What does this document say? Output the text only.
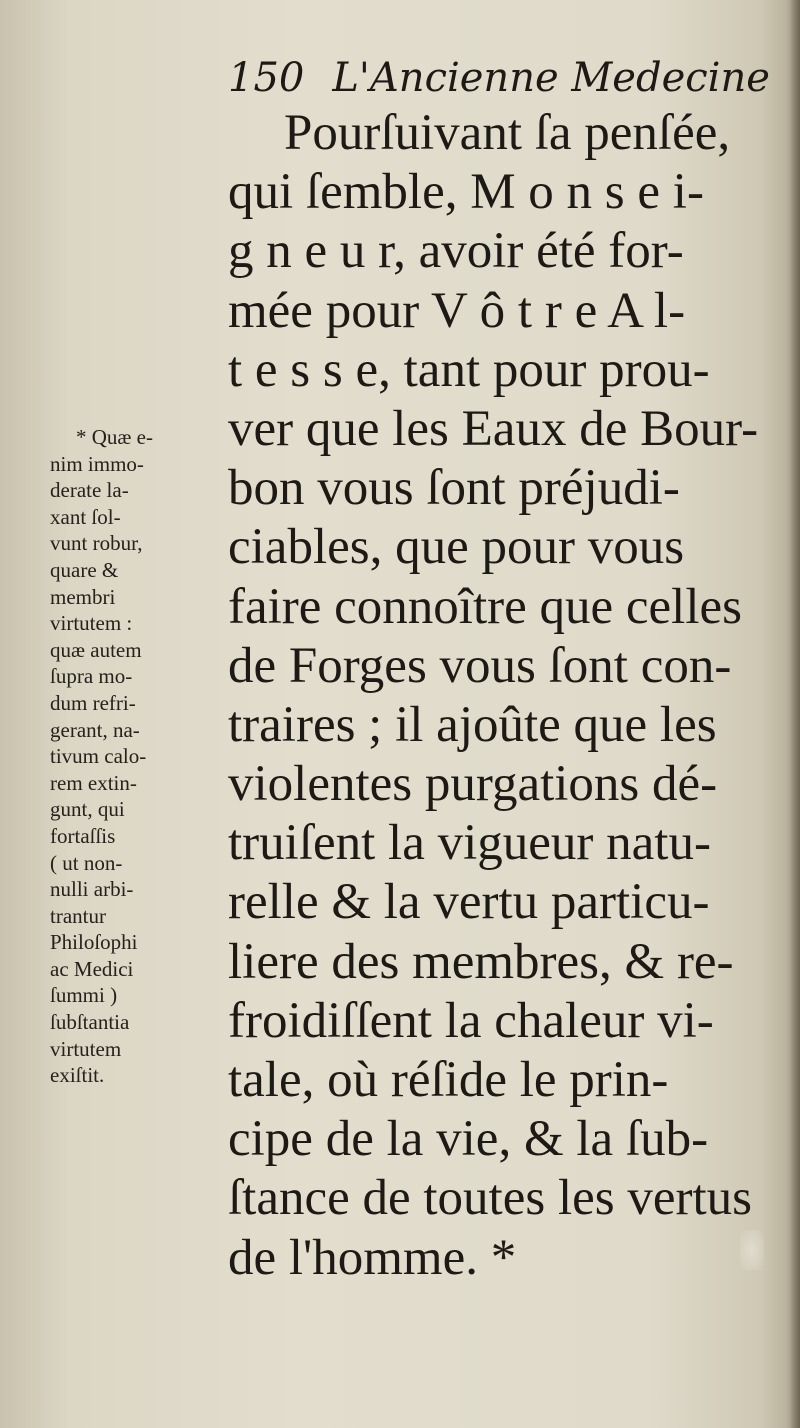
150 L'Ancienne Medecine
Pourſuivant ſa penſée,
qui ſemble, M o n s e i-
g n e u r, avoir été for-
mée pour V ô t r e A l-
t e s s e, tant pour prou-
ver que les Eaux de Bour-
bon vous ſont préjudi-
ciables, que pour vous
faire connoître que celles
de Forges vous ſont con-
traires ; il ajoûte que les
violentes purgations dé-
truiſent la vigueur natu-
relle & la vertu particu-
liere des membres, & re-
froidiſſent la chaleur vi-
tale, où réſide le prin-
cipe de la vie, & la ſub-
ſtance de toutes les vertus
de l'homme. *
* Quæ e-
nim immo-
derate la-
xant ſol-
vunt robur,
quare &
membri
virtutem :
quæ autem
ſupra mo-
dum refri-
gerant, na-
tivum calo-
rem extin-
gunt, qui
fortaſſis
( ut non-
nulli arbi-
trantur
Philoſophi
ac Medici
ſummi )
ſubſtantia
virtutem
exiſtit.
